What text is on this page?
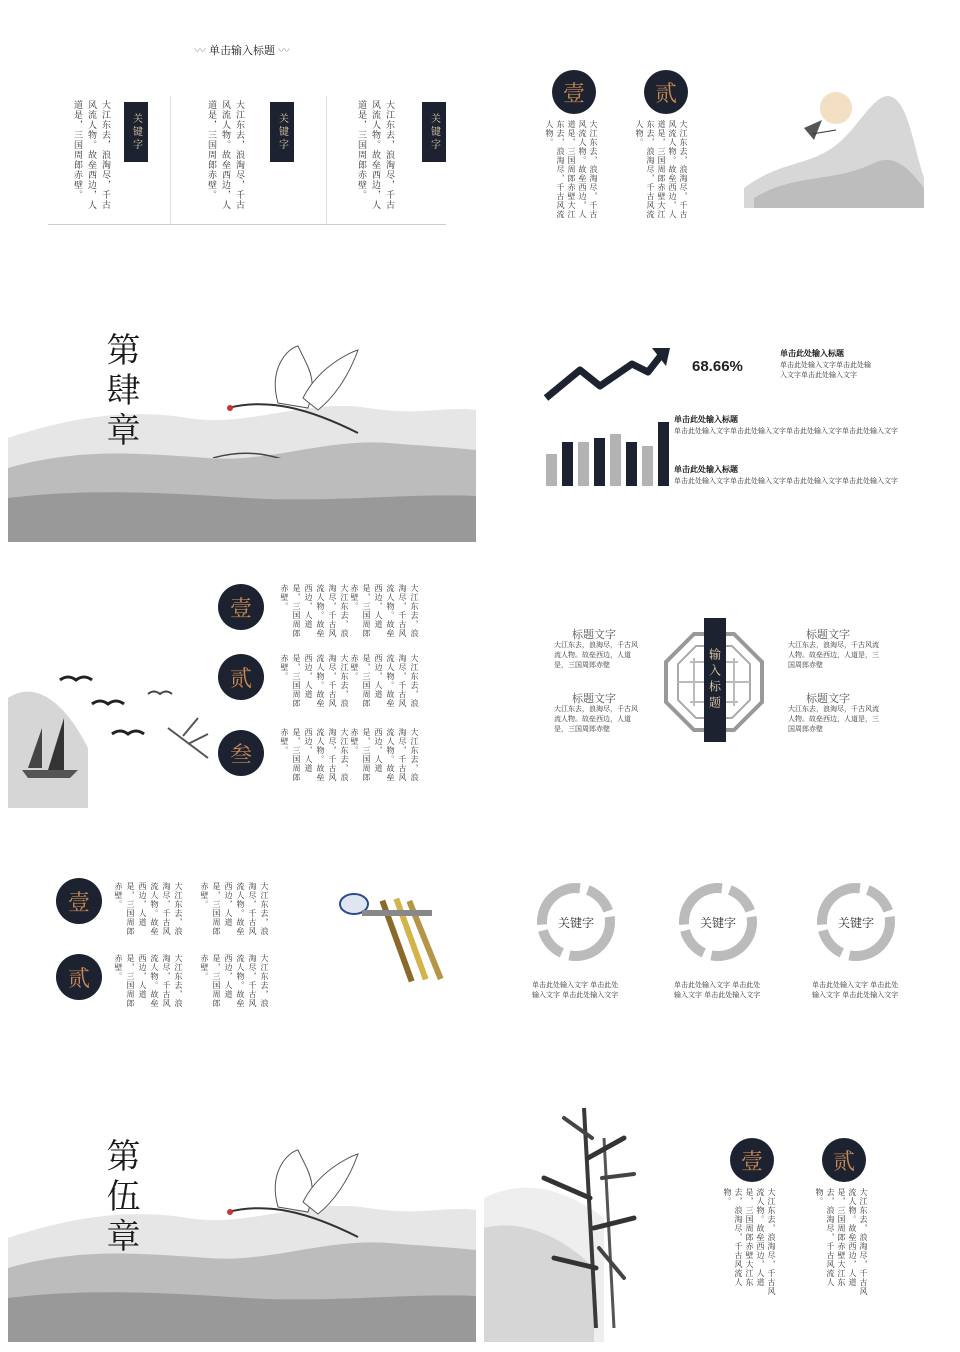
〰 单击输入标题 〰
大江东去，浪淘尽，千古风流人物。故垒西边，人道是，三国周郎赤壁。	关键字	大江东去，浪淘尽，千古风流人物。故垒西边，人道是，三国周郎赤壁。	关键字	大江东去，浪淘尽，千古风流人物。故垒西边，人道是，三国周郎赤壁。	关键字
壹
大江东去，浪淘尽，千古风流人物。故垒西边，人道是，三国周郎赤壁大江东去，浪淘尽，千古风流人物。
贰
大江东去，浪淘尽，千古风流人物。故垒西边，人道是，三国周郎赤壁大江东去，浪淘尽，千古风流人物。
第肆章	68.66%
单击此处输入标题
单击此处输入文字单击此处输入文字单击此处输入文字
单击此处输入标题
单击此处输入文字单击此处输入文字单击此处输入文字单击此处输入文字
单击此处输入标题
单击此处输入文字单击此处输入文字单击此处输入文字单击此处输入文字
壹
贰
叁
大江东去，浪淘尽，千古风流人物。故垒西边，人道是，三国周郎赤壁。
大江东去，浪淘尽，千古风流人物。故垒西边，人道是，三国周郎赤壁。
大江东去，浪淘尽，千古风流人物。故垒西边，人道是，三国周郎赤壁。
大江东去，浪淘尽，千古风流人物。故垒西边，人道是，三国周郎赤壁。
大江东去，浪淘尽，千古风流人物。故垒西边，人道是，三国周郎赤壁。
大江东去，浪淘尽，千古风流人物。故垒西边，人道是，三国周郎赤壁。
输入标题
标题文字
大江东去，浪淘尽，千古风流人物。故垒西边，人道是，三国周郎赤壁
标题文字
大江东去，浪淘尽，千古风流人物。故垒西边，人道是，三国周郎赤壁
标题文字
大江东去，浪淘尽，千古风流人物。故垒西边，人道是，三国周郎赤壁
标题文字
大江东去，浪淘尽，千古风流人物。故垒西边，人道是，三国周郎赤壁
壹
贰
大江东去，浪淘尽，千古风流人物。故垒西边，人道是，三国周郎赤壁。
大江东去，浪淘尽，千古风流人物。故垒西边，人道是，三国周郎赤壁。
大江东去，浪淘尽，千古风流人物。故垒西边，人道是，三国周郎赤壁。
大江东去，浪淘尽，千古风流人物。故垒西边，人道是，三国周郎赤壁。
关键字
单击此处输入文字 单击此处输入文字 单击此处输入文字
关键字
单击此处输入文字 单击此处输入文字 单击此处输入文字
关键字
单击此处输入文字 单击此处输入文字 单击此处输入文字
第伍章	壹
大江东去，浪淘尽，千古风流人物。故垒西边，人道是，三国周郎赤壁大江东去，浪淘尽，千古风流人物。
贰
大江东去，浪淘尽，千古风流人物。故垒西边，人道是，三国周郎赤壁大江东去，浪淘尽，千古风流人物。
